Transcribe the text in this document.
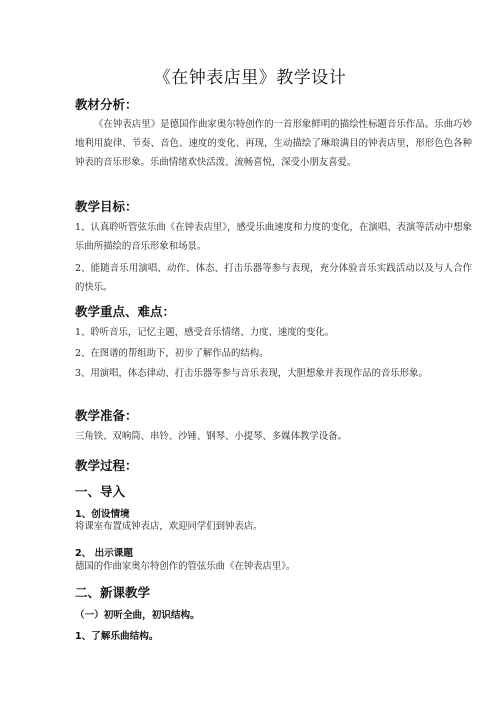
《在钟表店里》教学设计
教材分析：
《在钟表店里》是德国作曲家奥尔特创作的一首形象鲜明的描绘性标题音乐作品。乐曲巧妙地利用旋律、节奏、音色、速度的变化、再现，生动描绘了琳琅满目的钟表店里，形形色色各种钟表的音乐形象。乐曲情绪欢快活泼、流畅喜悦，深受小朋友喜爱。
教学目标：
1、认真聆听管弦乐曲《在钟表店里》，感受乐曲速度和力度的变化，在演唱、表演等活动中想象乐曲所描绘的音乐形象和场景。
2、能随音乐用演唱、动作、体态、打击乐器等参与表现，充分体验音乐实践活动以及与人合作的快乐。
教学重点、难点：
1、聆听音乐，记忆主题，感受音乐情绪、力度、速度的变化。
2、在图谱的帮组助下，初步了解作品的结构。
3、用演唱，体态律动、打击乐器等参与音乐表现，大胆想象并表现作品的音乐形象。
教学准备：
三角铁、双响筒、串铃、沙锤、钢琴、小提琴、多媒体教学设备。
教学过程：
一、导入
1、创设情境
将课室布置成钟表店，欢迎同学们到钟表店。
2、 出示课题
德国的作曲家奥尔特创作的管弦乐曲《在钟表店里》。
二、新课教学
（一）初听全曲，初识结构。
1、了解乐曲结构。
